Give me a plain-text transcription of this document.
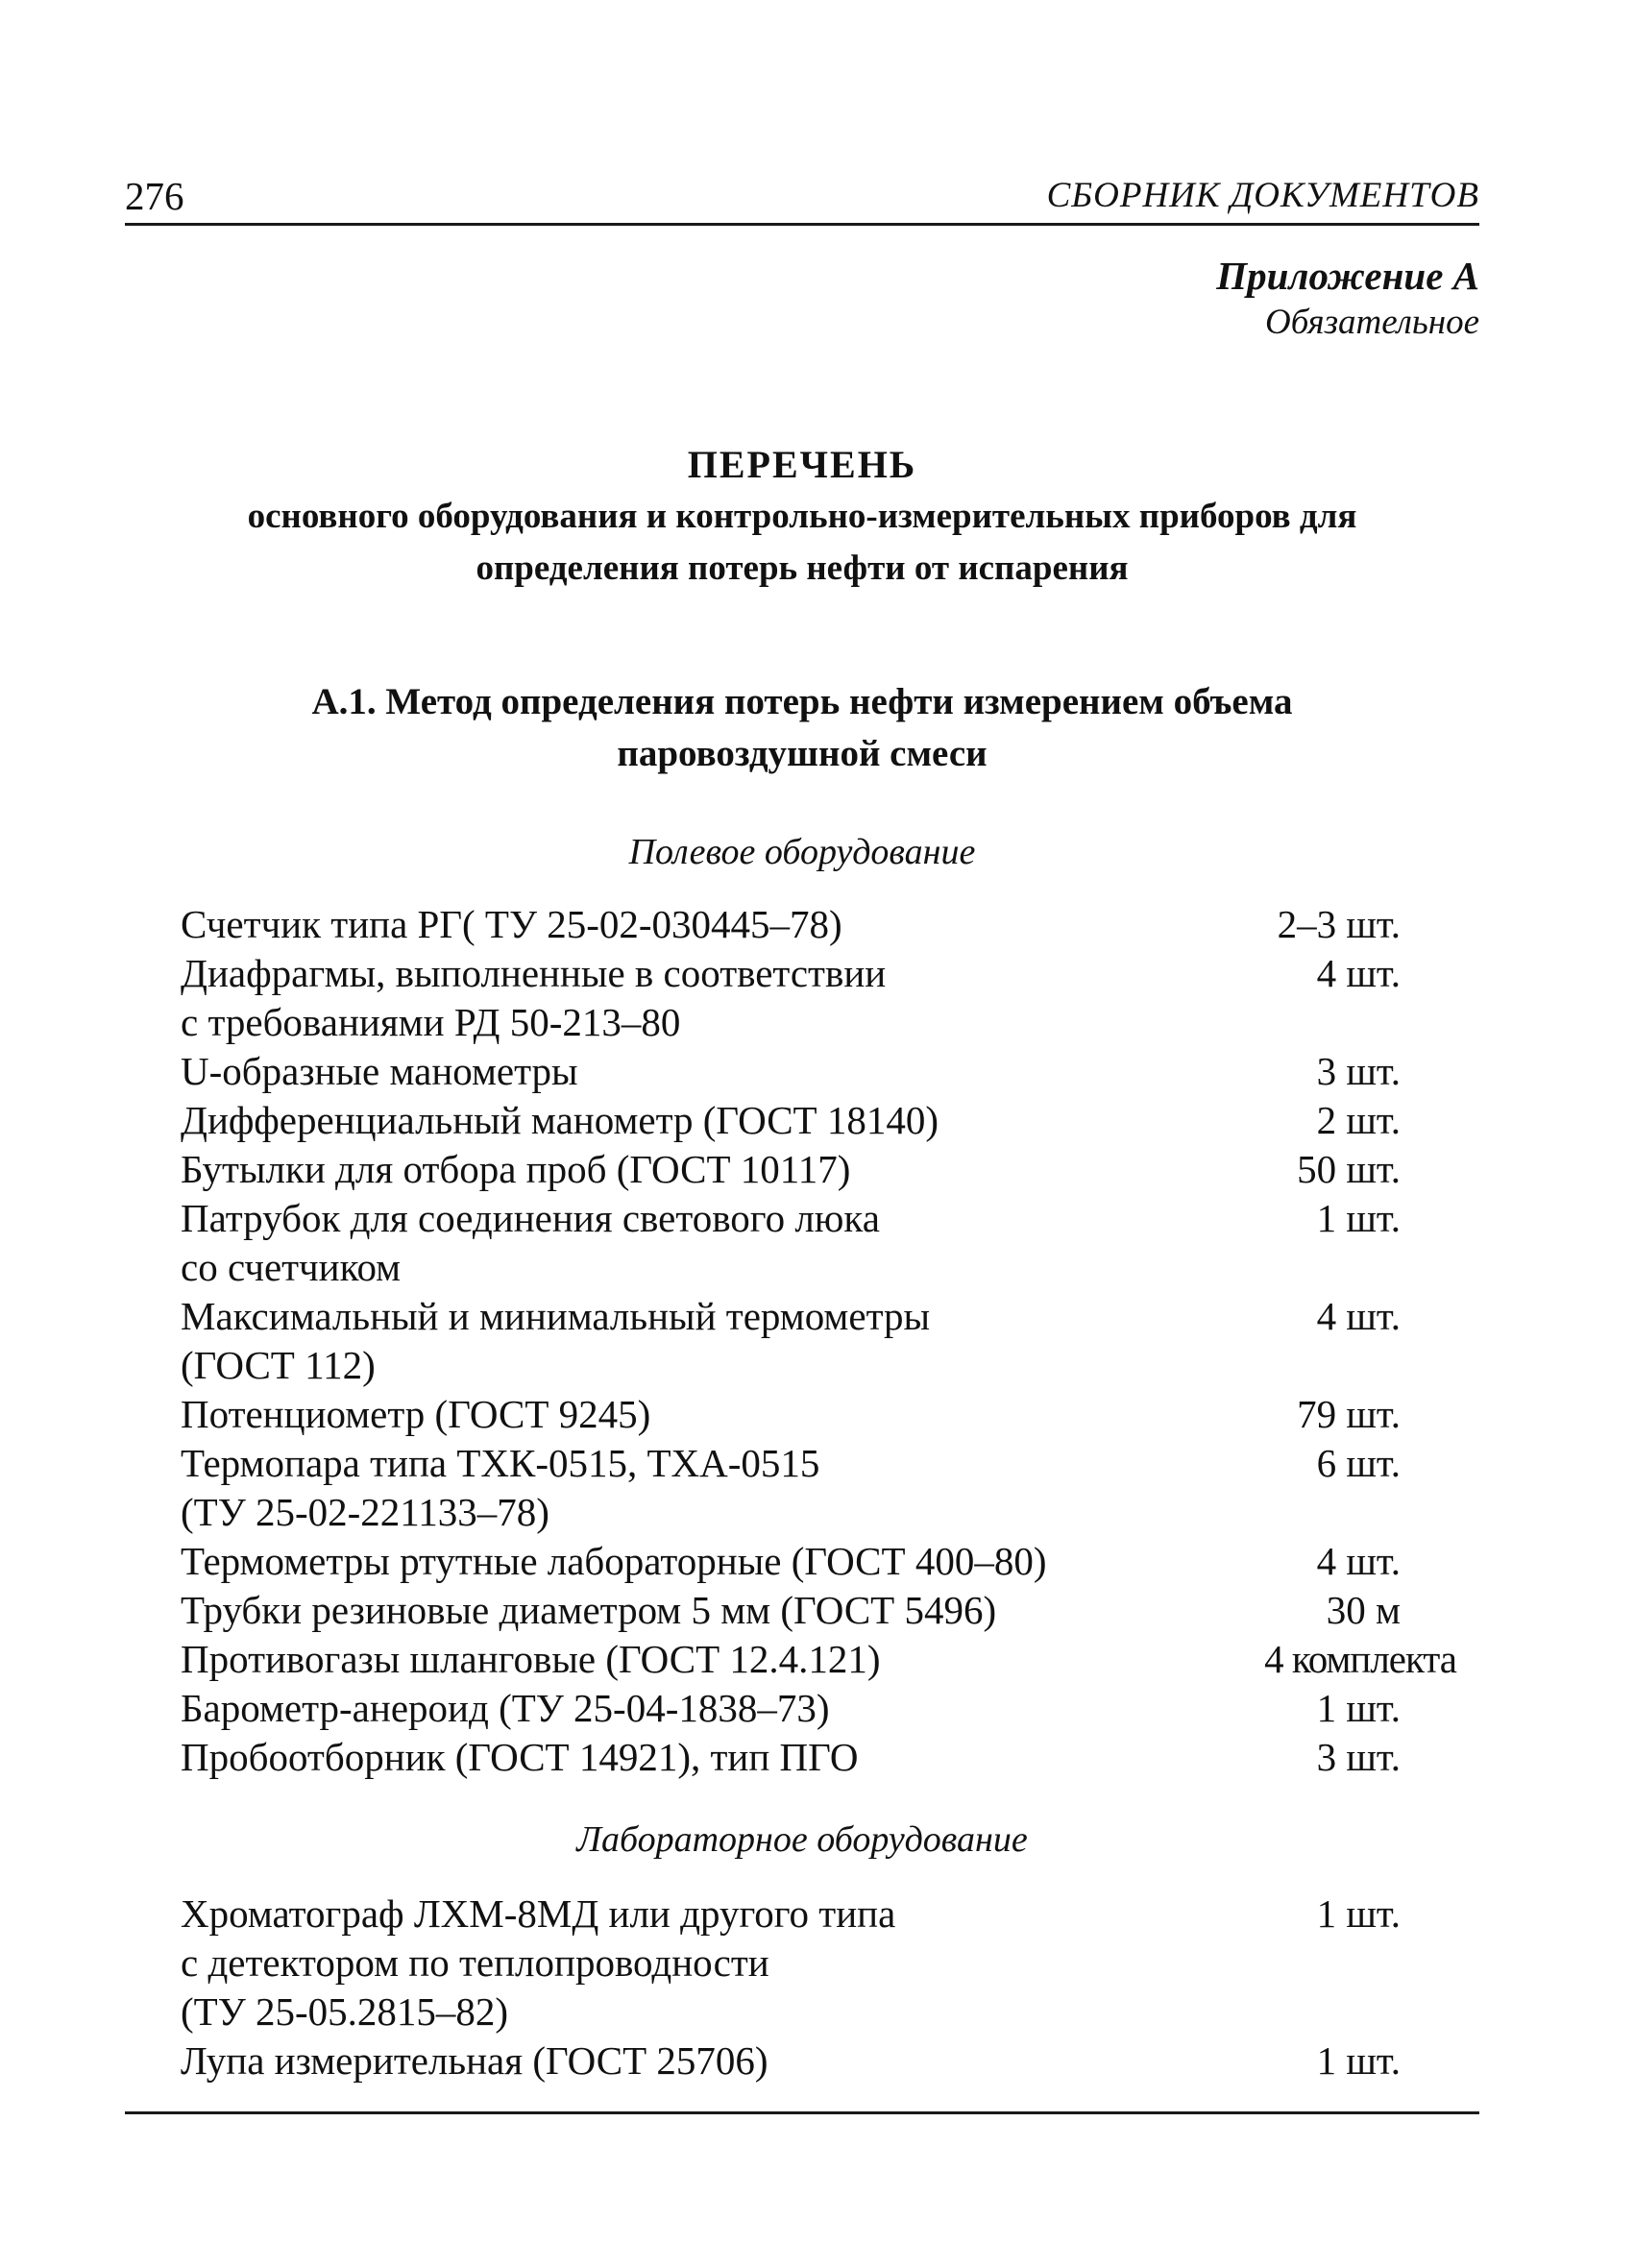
276	СБОРНИК ДОКУМЕНТОВ
Приложение А
Обязательное
ПЕРЕЧЕНЬ
основного оборудования и контрольно-измерительных приборов для
определения потерь нефти от испарения
А.1. Метод определения потерь нефти измерением объема
паровоздушной смеси
Полевое оборудование
Счетчик типа РГ( ТУ 25-02-030445–78)	2–3 шт.
Диафрагмы, выполненные в соответствии	4 шт.
с требованиями РД 50-213–80
U-образные манометры	3 шт.
Дифференциальный манометр (ГОСТ 18140)	2 шт.
Бутылки для отбора проб (ГОСТ 10117)	50 шт.
Патрубок для соединения светового люка	1 шт.
со счетчиком
Максимальный и минимальный термометры	4 шт.
(ГОСТ 112)
Потенциометр (ГОСТ 9245)	79 шт.
Термопара типа ТХК-0515, ТХА-0515	6 шт.
(ТУ 25-02-221133–78)
Термометры ртутные лабораторные (ГОСТ 400–80)	4 шт.
Трубки резиновые диаметром 5 мм (ГОСТ 5496)	30 м
Противогазы шланговые (ГОСТ 12.4.121)	4 комплекта
Барометр-анероид (ТУ 25-04-1838–73)	1 шт.
Пробоотборник (ГОСТ 14921), тип ПГО	3 шт.
Лабораторное оборудование
Хроматограф ЛХМ-8МД или другого типа	1 шт.
с детектором по теплопроводности
(ТУ 25-05.2815–82)
Лупа измерительная (ГОСТ 25706)	1 шт.
